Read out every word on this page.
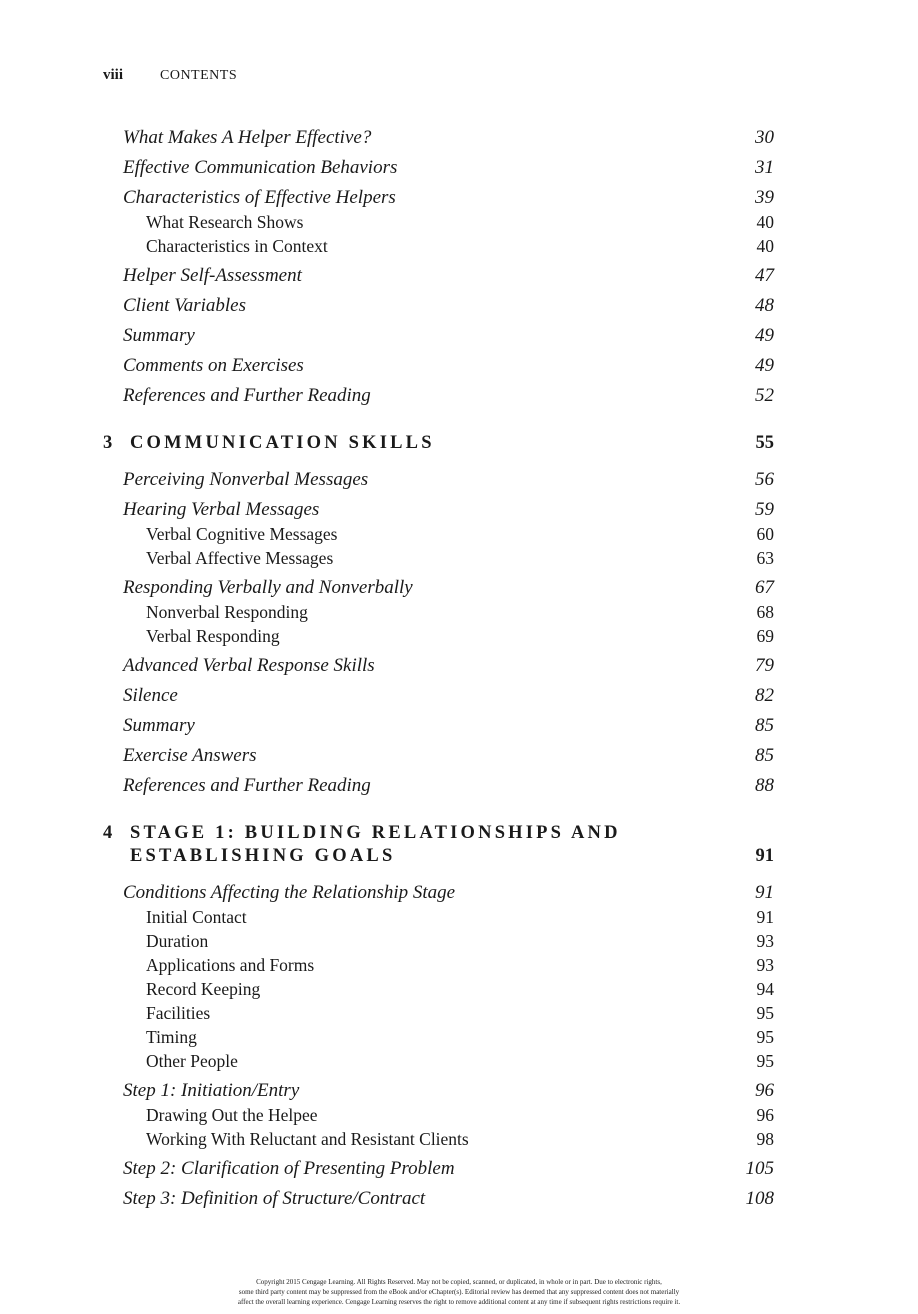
viii	CONTENTS
What Makes A Helper Effective?	30
Effective Communication Behaviors	31
Characteristics of Effective Helpers	39
What Research Shows	40
Characteristics in Context	40
Helper Self-Assessment	47
Client Variables	48
Summary	49
Comments on Exercises	49
References and Further Reading	52
3 COMMUNICATION SKILLS	55
Perceiving Nonverbal Messages	56
Hearing Verbal Messages	59
Verbal Cognitive Messages	60
Verbal Affective Messages	63
Responding Verbally and Nonverbally	67
Nonverbal Responding	68
Verbal Responding	69
Advanced Verbal Response Skills	79
Silence	82
Summary	85
Exercise Answers	85
References and Further Reading	88
4 STAGE 1: BUILDING RELATIONSHIPS AND
ESTABLISHING GOALS	91
Conditions Affecting the Relationship Stage	91
Initial Contact	91
Duration	93
Applications and Forms	93
Record Keeping	94
Facilities	95
Timing	95
Other People	95
Step 1: Initiation/Entry	96
Drawing Out the Helpee	96
Working With Reluctant and Resistant Clients	98
Step 2: Clarification of Presenting Problem	105
Step 3: Definition of Structure/Contract	108
Copyright 2015 Cengage Learning. All Rights Reserved. May not be copied, scanned, or duplicated, in whole or in part. Due to electronic rights,
some third party content may be suppressed from the eBook and/or eChapter(s). Editorial review has deemed that any suppressed content does not materially
affect the overall learning experience. Cengage Learning reserves the right to remove additional content at any time if subsequent rights restrictions require it.
